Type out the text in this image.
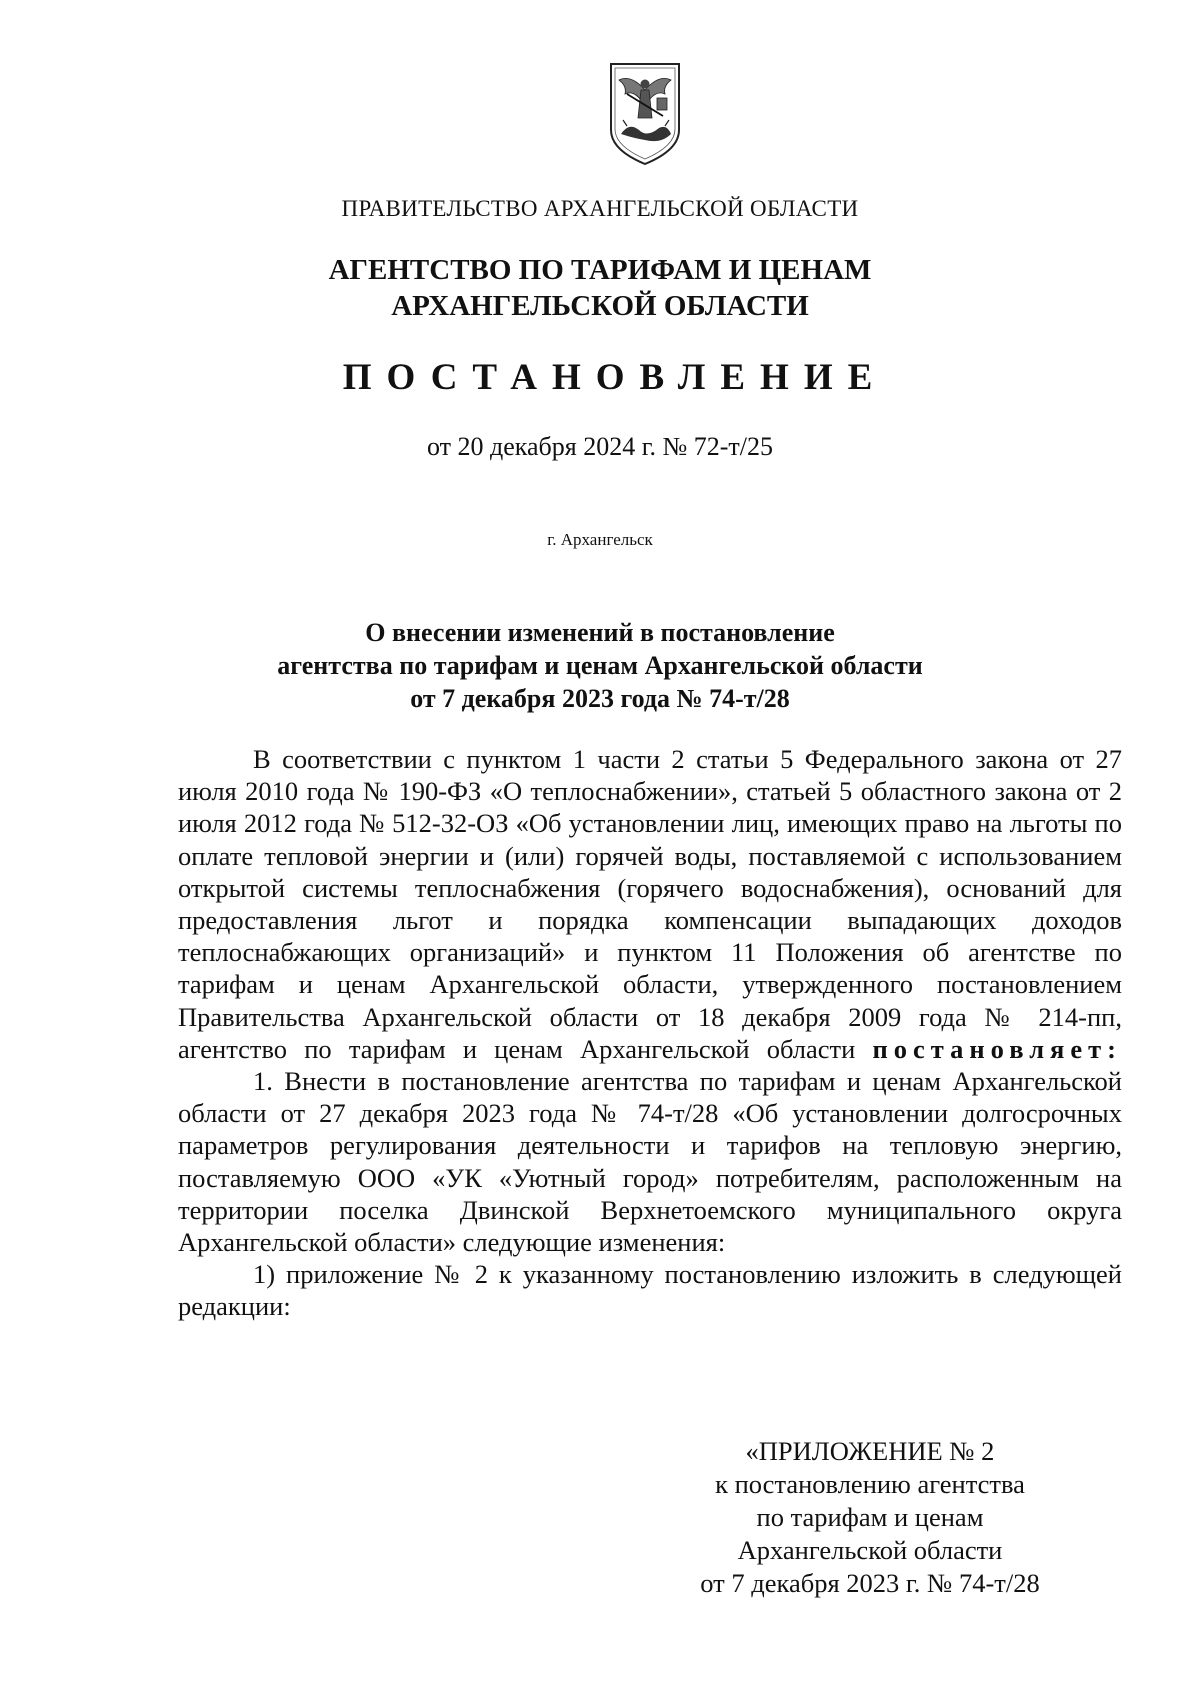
ПРАВИТЕЛЬСТВО АРХАНГЕЛЬСКОЙ ОБЛАСТИ
АГЕНТСТВО ПО ТАРИФАМ И ЦЕНАМ
АРХАНГЕЛЬСКОЙ ОБЛАСТИ
ПОСТАНОВЛЕНИЕ
от 20 декабря 2024 г. № 72-т/25
г. Архангельск
О внесении изменений в постановление
агентства по тарифам и ценам Архангельской области
от 7 декабря 2023 года № 74-т/28

В соответствии с пунктом 1 части 2 статьи 5 Федерального закона от 27 июля 2010 года № 190-ФЗ «О теплоснабжении», статьей 5 областного закона от 2 июля 2012 года № 512-32-ОЗ «Об установлении лиц, имеющих право на льготы по оплате тепловой энергии и (или) горячей воды, поставляемой с использованием открытой системы теплоснабжения (горячего водоснабжения), оснований для предоставления льгот и порядка компенсации выпадающих доходов теплоснабжающих организаций» и пунктом 11 Положения об агентстве по тарифам и ценам Архангельской области, утвержденного постановлением Правительства Архангельской области от 18 декабря 2009 года № 214-пп, агентство по тарифам и ценам Архангельской области постановляет:

1. Внести в постановление агентства по тарифам и ценам Архангельской области от 27 декабря 2023 года № 74-т/28 «Об установлении долгосрочных параметров регулирования деятельности и тарифов на тепловую энергию, поставляемую ООО «УК «Уютный город» потребителям, расположенным на территории поселка Двинской Верхнетоемского муниципального округа Архангельской области» следующие изменения:

1) приложение № 2 к указанному постановлению изложить в следующей редакции:

«ПРИЛОЖЕНИЕ № 2
к постановлению агентства
по тарифам и ценам
Архангельской области
от 7 декабря 2023 г. № 74-т/28
